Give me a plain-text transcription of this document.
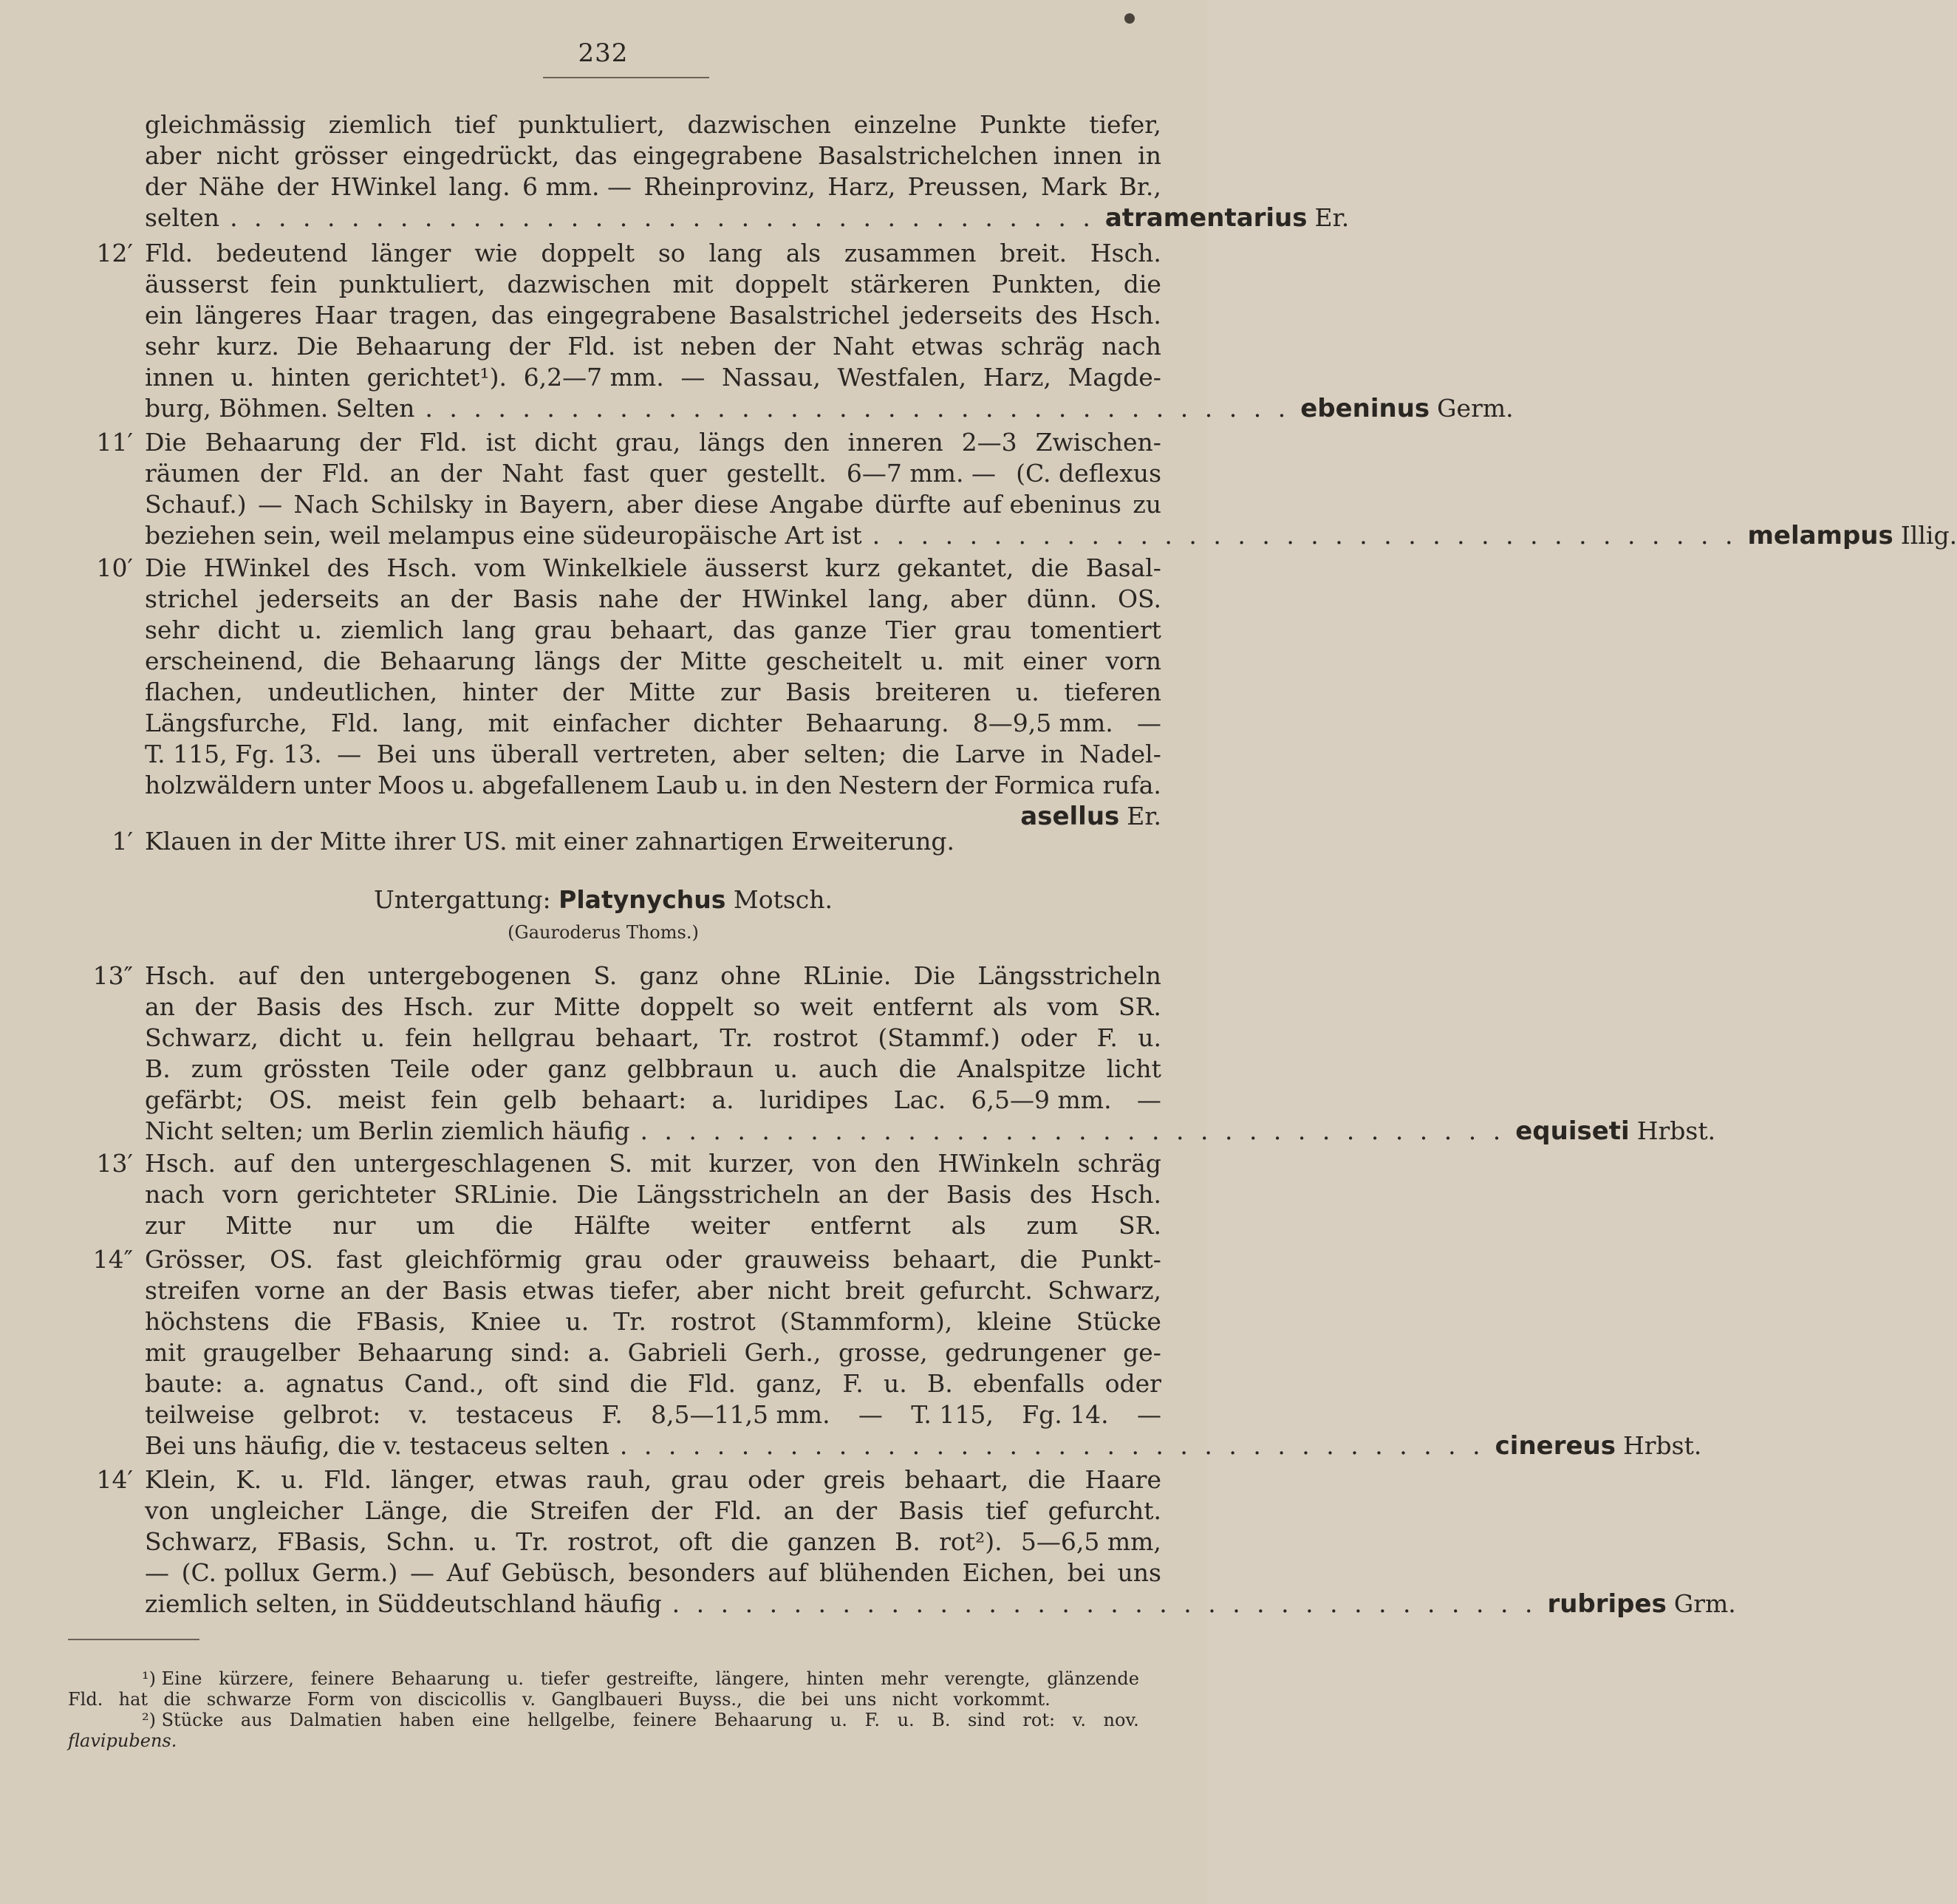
232
gleichmässig ziemlich tief punktuliert, dazwischen einzelne Punkte tiefer,
aber nicht grösser eingedrückt, das eingegrabene Basalstrichelchen innen in
der Nähe der HWinkel lang. 6 mm. — Rheinprovinz, Harz, Preussen, Mark Br.,
selten . . . . . . . . . . . . . . . . . . . . . . . . . . . . . . . . . . . . atramentarius Er.
12′ Fld. bedeutend länger wie doppelt so lang als zusammen breit. Hsch.
äusserst fein punktuliert, dazwischen mit doppelt stärkeren Punkten, die
ein längeres Haar tragen, das eingegrabene Basalstrichel jederseits des Hsch.
sehr kurz. Die Behaarung der Fld. ist neben der Naht etwas schräg nach
innen u. hinten gerichtet¹). 6,2—7 mm. — Nassau, Westfalen, Harz, Magde-
burg, Böhmen. Selten . . . . . . . . . . . . . . . . . . . . . . . . . . . . . . . . . . . . ebeninus Germ.
11′ Die Behaarung der Fld. ist dicht grau, längs den inneren 2—3 Zwischen-
räumen der Fld. an der Naht fast quer gestellt. 6—7 mm. — (C. deflexus
Schauf.) — Nach Schilsky in Bayern, aber diese Angabe dürfte auf ebeninus zu
beziehen sein, weil melampus eine südeuropäische Art ist . . . . . . . . . . . . . . . . . . . . . . . . . . . . . . . . . . . . melampus Illig.
10′ Die HWinkel des Hsch. vom Winkelkiele äusserst kurz gekantet, die Basal-
strichel jederseits an der Basis nahe der HWinkel lang, aber dünn. OS.
sehr dicht u. ziemlich lang grau behaart, das ganze Tier grau tomentiert
erscheinend, die Behaarung längs der Mitte gescheitelt u. mit einer vorn
flachen, undeutlichen, hinter der Mitte zur Basis breiteren u. tieferen
Längsfurche, Fld. lang, mit einfacher dichter Behaarung. 8—9,5 mm. —
T. 115, Fg. 13. — Bei uns überall vertreten, aber selten; die Larve in Nadel-
holzwäldern unter Moos u. abgefallenem Laub u. in den Nestern der Formica rufa.
asellus Er.
1′ Klauen in der Mitte ihrer US. mit einer zahnartigen Erweiterung.
13″ Hsch. auf den untergebogenen S. ganz ohne RLinie. Die Längsstricheln
an der Basis des Hsch. zur Mitte doppelt so weit entfernt als vom SR.
Schwarz, dicht u. fein hellgrau behaart, Tr. rostrot (Stammf.) oder F. u.
B. zum grössten Teile oder ganz gelbbraun u. auch die Analspitze licht
gefärbt; OS. meist fein gelb behaart: a. luridipes Lac. 6,5—9 mm. —
Nicht selten; um Berlin ziemlich häufig . . . . . . . . . . . . . . . . . . . . . . . . . . . . . . . . . . . . equiseti Hrbst.
13′ Hsch. auf den untergeschlagenen S. mit kurzer, von den HWinkeln schräg
nach vorn gerichteter SRLinie. Die Längsstricheln an der Basis des Hsch.
zur Mitte nur um die Hälfte weiter entfernt als zum SR.
14″ Grösser, OS. fast gleichförmig grau oder grauweiss behaart, die Punkt-
streifen vorne an der Basis etwas tiefer, aber nicht breit gefurcht. Schwarz,
höchstens die FBasis, Kniee u. Tr. rostrot (Stammform), kleine Stücke
mit graugelber Behaarung sind: a. Gabrieli Gerh., grosse, gedrungener ge-
baute: a. agnatus Cand., oft sind die Fld. ganz, F. u. B. ebenfalls oder
teilweise gelbrot: v. testaceus F. 8,5—11,5 mm. — T. 115, Fg. 14. —
Bei uns häufig, die v. testaceus selten . . . . . . . . . . . . . . . . . . . . . . . . . . . . . . . . . . . . cinereus Hrbst.
14′ Klein, K. u. Fld. länger, etwas rauh, grau oder greis behaart, die Haare
von ungleicher Länge, die Streifen der Fld. an der Basis tief gefurcht.
Schwarz, FBasis, Schn. u. Tr. rostrot, oft die ganzen B. rot²). 5—6,5 mm,
— (C. pollux Germ.) — Auf Gebüsch, besonders auf blühenden Eichen, bei uns
ziemlich selten, in Süddeutschland häufig . . . . . . . . . . . . . . . . . . . . . . . . . . . . . . . . . . . . rubripes Grm.
Untergattung: Platynychus Motsch.
(Gaurоderus Thoms.)
¹) Eine kürzere, feinere Behaarung u. tiefer gestreifte, längere, hinten mehr verengte, glänzende
Fld. hat die schwarze Form von discicollis v. Ganglbaueri Buyss., die bei uns nicht vorkommt.
²) Stücke aus Dalmatien haben eine hellgelbe, feinere Behaarung u. F. u. B. sind rot: v. nov.
flavipubens.
